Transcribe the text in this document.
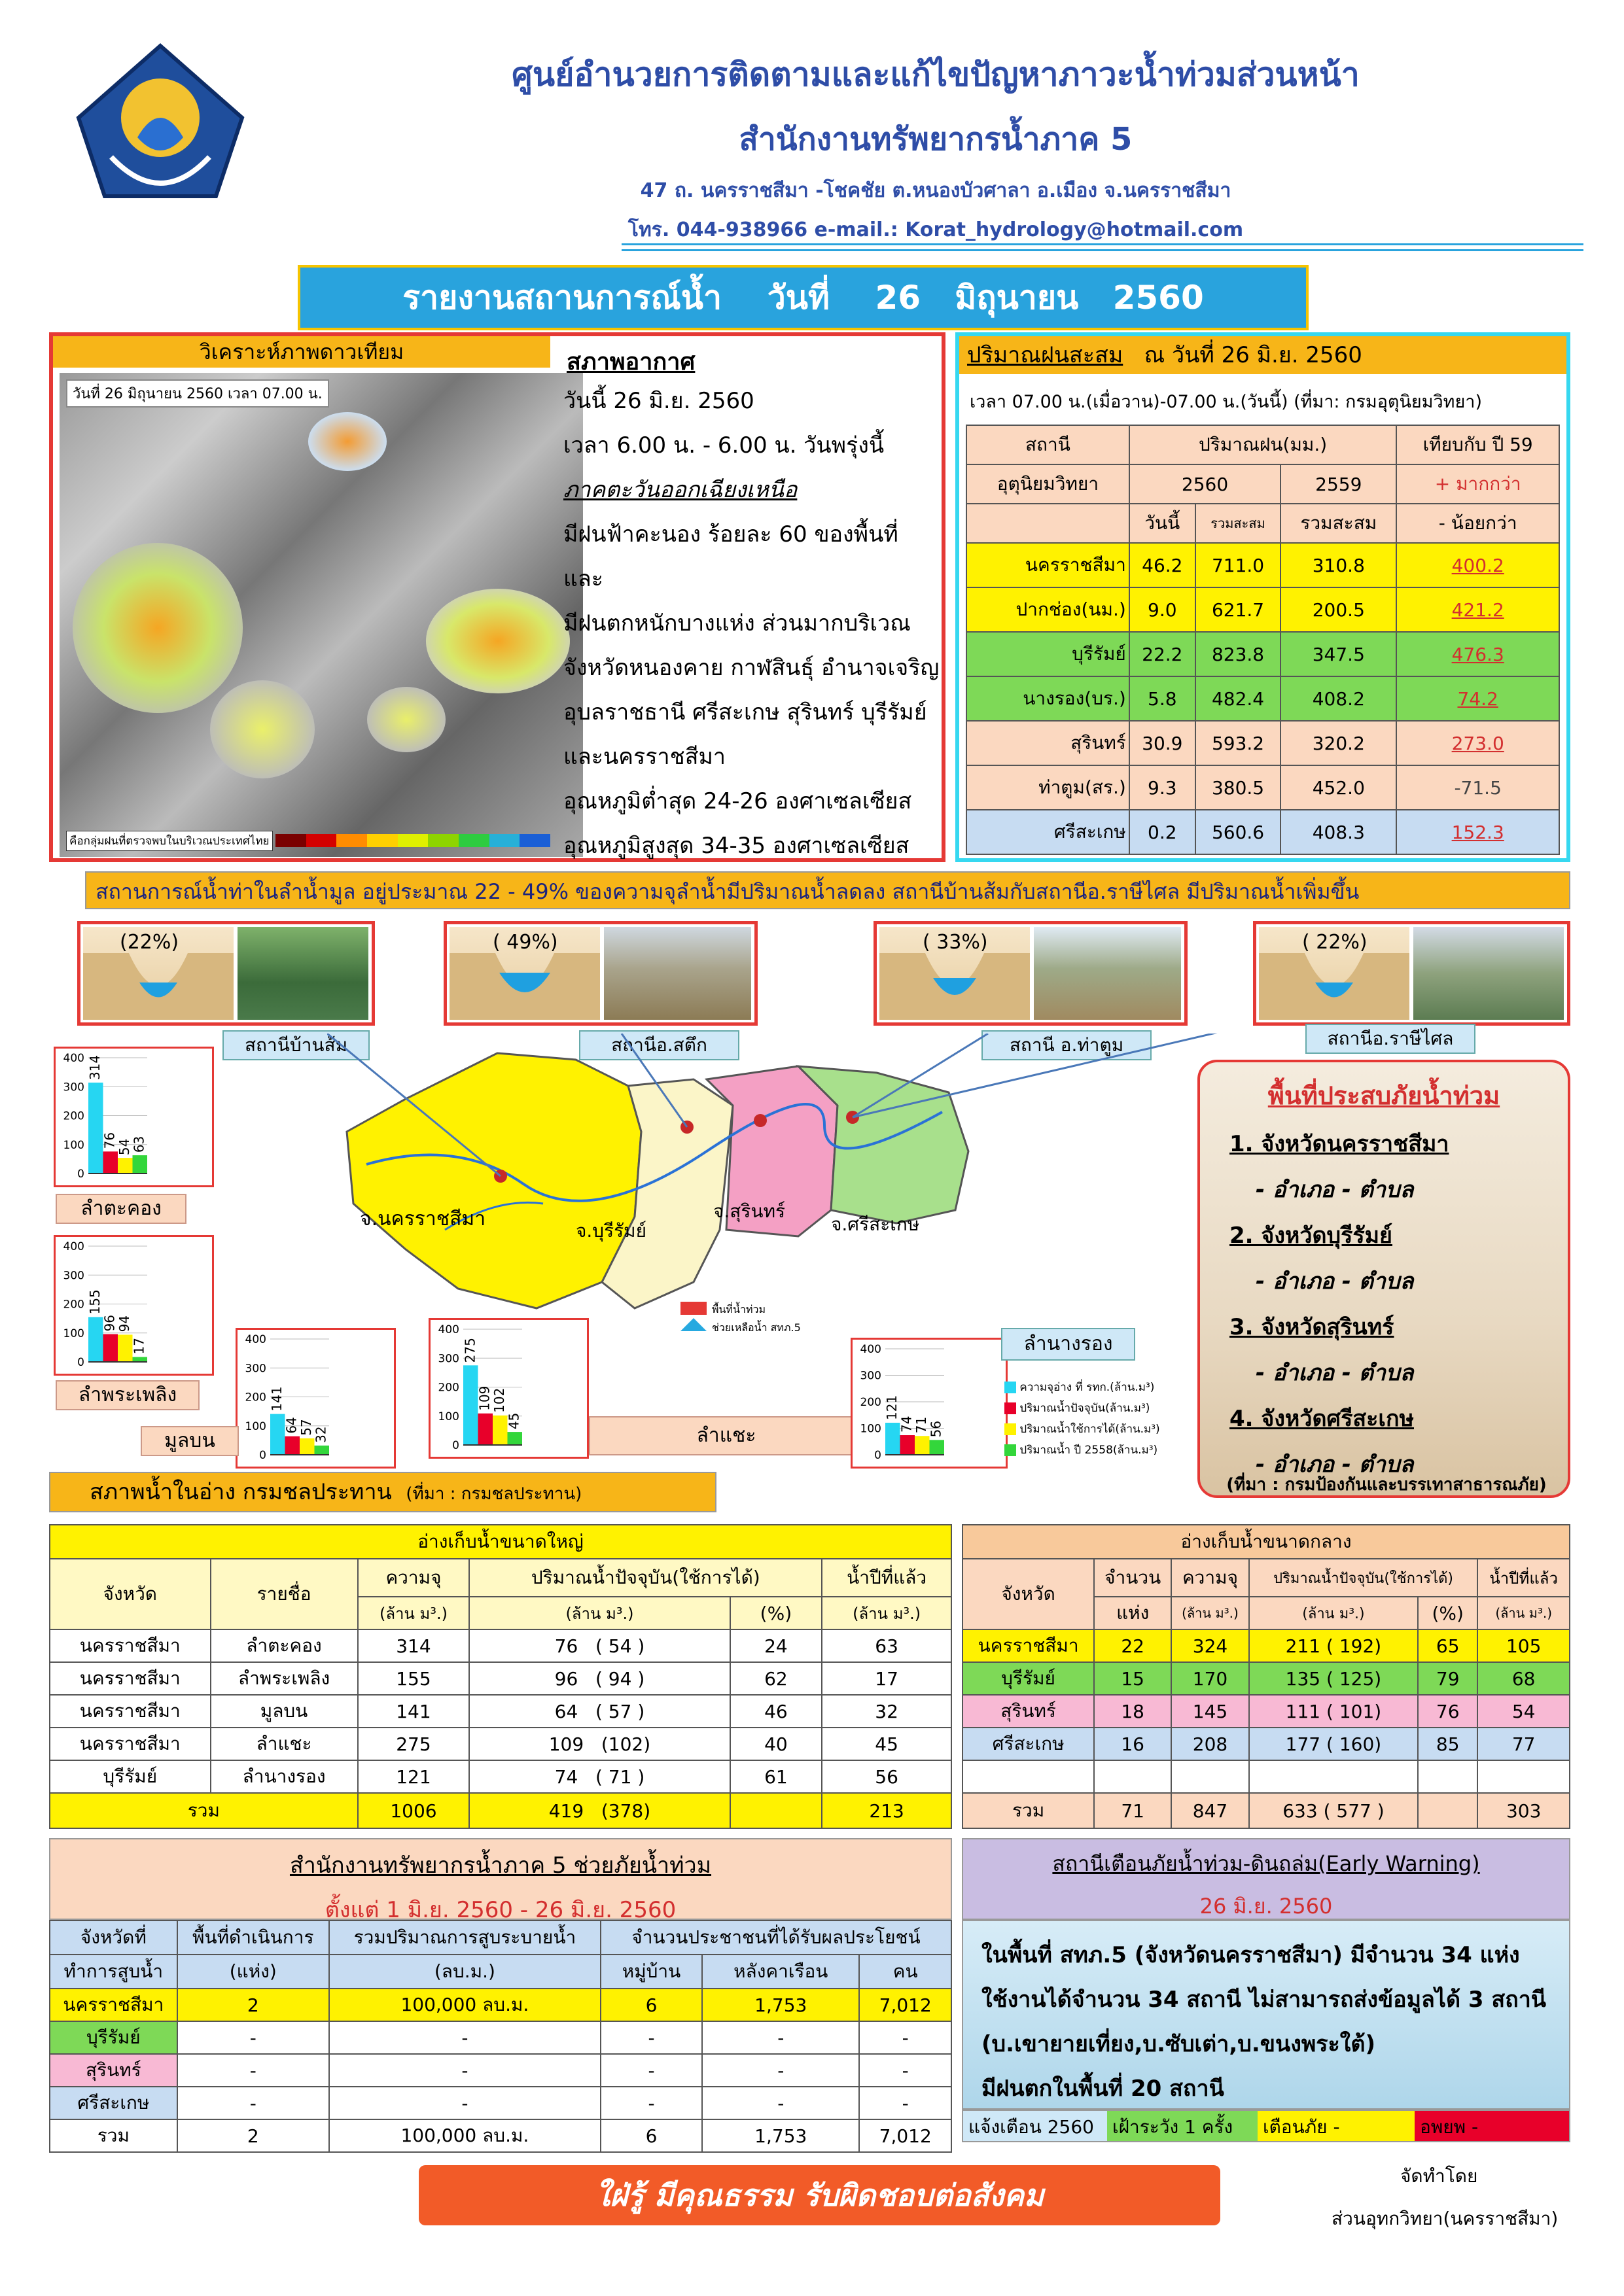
ศูนย์อำนวยการติดตามและแก้ไขปัญหาภาวะน้ำท่วมส่วนหน้า
สำนักงานทรัพยากรน้ำภาค 5
47 ถ. นครราชสีมา -โชคชัย ต.หนองบัวศาลา อ.เมือง จ.นครราชสีมา
โทร. 044-938966 e-mail.: Korat_hydrology@hotmail.com
รายงานสถานการณ์น้ำ วันที่ 26 มิถุนายน 2560
วิเคราะห์ภาพดาวเทียม
วันที่ 26 มิถุนายน 2560 เวลา 07.00 น.
คือกลุ่มฝนที่ตรวจพบในบริเวณประเทศไทย
สภาพอากาศ
วันนี้ 26 มิ.ย. 2560
เวลา 6.00 น. - 6.00 น. วันพรุ่งนี้
ภาคตะวันออกเฉียงเหนือ
มีฝนฟ้าคะนอง ร้อยละ 60 ของพื้นที่ และ
มีฝนตกหนักบางแห่ง ส่วนมากบริเวณ
จังหวัดหนองคาย กาฬสินธุ์ อำนาจเจริญ
อุบลราชธานี ศรีสะเกษ สุรินทร์ บุรีรัมย์
และนครราชสีมา
อุณหภูมิต่ำสุด 24-26 องศาเซลเซียส
อุณหภูมิสูงสุด 34-35 องศาเซลเซียส
ปริมาณฝนสะสม ณ วันที่ 26 มิ.ย. 2560
เวลา 07.00 น.(เมื่อวาน)-07.00 น.(วันนี้) (ที่มา: กรมอุตุนิยมวิทยา)
สถานี	ปริมาณฝน(มม.)			เทียบกับ ปี 59
อุตุนิยมวิทยา	2560		2559	+ มากกว่า
	วันนี้	รวมสะสม	รวมสะสม	- น้อยกว่า
นครราชสีมา	46.2	711.0	310.8	400.2
ปากช่อง(นม.)	9.0	621.7	200.5	421.2
บุรีรัมย์	22.2	823.8	347.5	476.3
นางรอง(บร.)	5.8	482.4	408.2	74.2
สุรินทร์	30.9	593.2	320.2	273.0
ท่าตูม(สร.)	9.3	380.5	452.0	-71.5
ศรีสะเกษ	0.2	560.6	408.3	152.3
สถานการณ์น้ำท่าในลำน้ำมูล อยู่ประมาณ 22 - 49% ของความจุลำน้ำมีปริมาณน้ำลดลง สถานีบ้านส้มกับสถานีอ.ราษีไศล มีปริมาณน้ำเพิ่มขึ้น
(22%)	( 49%)	( 33%)	( 22%)
สถานีบ้านส้ม	สถานีอ.สตึก	สถานี อ.ท่าตูม	สถานีอ.ราษีไศล
จ.นครราชสีมา
จ.บุรีรัมย์
จ.สุรินทร์
จ.ศรีสะเกษ
พื้นที่น้ำท่วม
ช่วยเหลือน้ำ สทภ.5
0
100
200
300
400 314
76
54
63
ลำตะคอง
0
100
200
300
400
155
96
94
17
ลำพระเพลิง
0
100
200
300
400
141
64
57
32
มูลบน	0
100
200
300
400
275
109
102
45
ลำแชะ
0
100
200
300
400
121
74
71
56
ลำนางรอง
ความจุอ่าง ที่ รทก.(ล้าน.ม³)
ปริมาณน้ำปัจจุบัน(ล้าน.ม³)
ปริมาณน้ำใช้การได้(ล้าน.ม³)
ปริมาณน้ำ ปี 2558(ล้าน.ม³)
พื้นที่ประสบภัยน้ำท่วม
1. จังหวัดนครราชสีมา
- อำเภอ - ตำบล
2. จังหวัดบุรีรัมย์
- อำเภอ - ตำบล
3. จังหวัดสุรินทร์
- อำเภอ - ตำบล
4. จังหวัดศรีสะเกษ
- อำเภอ - ตำบล
(ที่มา : กรมป้องกันและบรรเทาสาธารณภัย)
สภาพน้ำในอ่าง กรมชลประทาน (ที่มา : กรมชลประทาน)
อ่างเก็บน้ำขนาดใหญ่					
จังหวัด	รายชื่อ	ความจุ	ปริมาณน้ำปัจจุบัน(ใช้การได้)		น้ำปีที่แล้ว
		(ล้าน ม³.)	(ล้าน ม³.)	(%)	(ล้าน ม³.)
นครราชสีมา	ลำตะคอง	314	76 ( 54 )	24	63
นครราชสีมา	ลำพระเพลิง	155	96 ( 94 )	62	17
นครราชสีมา	มูลบน	141	64 ( 57 )	46	32
นครราชสีมา	ลำแชะ	275	109 (102)	40	45
บุรีรัมย์	ลำนางรอง	121	74 ( 71 )	61	56
รวม		1006	419 (378)		213
อ่างเก็บน้ำขนาดกลาง					
จังหวัด	จำนวน	ความจุ	ปริมาณน้ำปัจจุบัน(ใช้การได้)		น้ำปีที่แล้ว
	แห่ง	(ล้าน ม³.)	(ล้าน ม³.)	(%)	(ล้าน ม³.)
นครราชสีมา	22	324	211 ( 192)	65	105
บุรีรัมย์	15	170	135 ( 125)	79	68
สุรินทร์	18	145	111 ( 101)	76	54
ศรีสะเกษ	16	208	177 ( 160)	85	77

รวม	71	847	633 ( 577 )		303
สำนักงานทรัพยากรน้ำภาค 5 ช่วยภัยน้ำท่วม
ตั้งแต่ 1 มิ.ย. 2560 - 26 มิ.ย. 2560
จังหวัดที่	พื้นที่ดำเนินการ	รวมปริมาณการสูบระบายน้ำ	จำนวนประชาชนที่ได้รับผลประโยชน์		
ทำการสูบน้ำ	(แห่ง)	(ลบ.ม.)	หมู่บ้าน	หลังคาเรือน	คน
นครราชสีมา	2	100,000 ลบ.ม.	6	1,753	7,012
บุรีรัมย์	-	-	-	-	-
สุรินทร์	-	-	-	-	-
ศรีสะเกษ	-	-	-	-	-
รวม	2	100,000 ลบ.ม.	6	1,753	7,012
สถานีเตือนภัยน้ำท่วม-ดินถล่ม(Early Warning)
26 มิ.ย. 2560
ในพื้นที่ สทภ.5 (จังหวัดนครราชสีมา) มีจำนวน 34 แห่ง
ใช้งานได้จำนวน 34 สถานี ไม่สามารถส่งข้อมูลได้ 3 สถานี
(บ.เขายายเที่ยง,บ.ซับเต่า,บ.ขนงพระใต้)
มีฝนตกในพื้นที่ 20 สถานี
แจ้งเตือน 2560	เฝ้าระวัง 1 ครั้ง	เตือนภัย -	อพยพ -
ใฝ่รู้ มีคุณธรรม รับผิดชอบต่อสังคม
จัดทำโดย
ส่วนอุทกวิทยา(นครราชสีมา)
